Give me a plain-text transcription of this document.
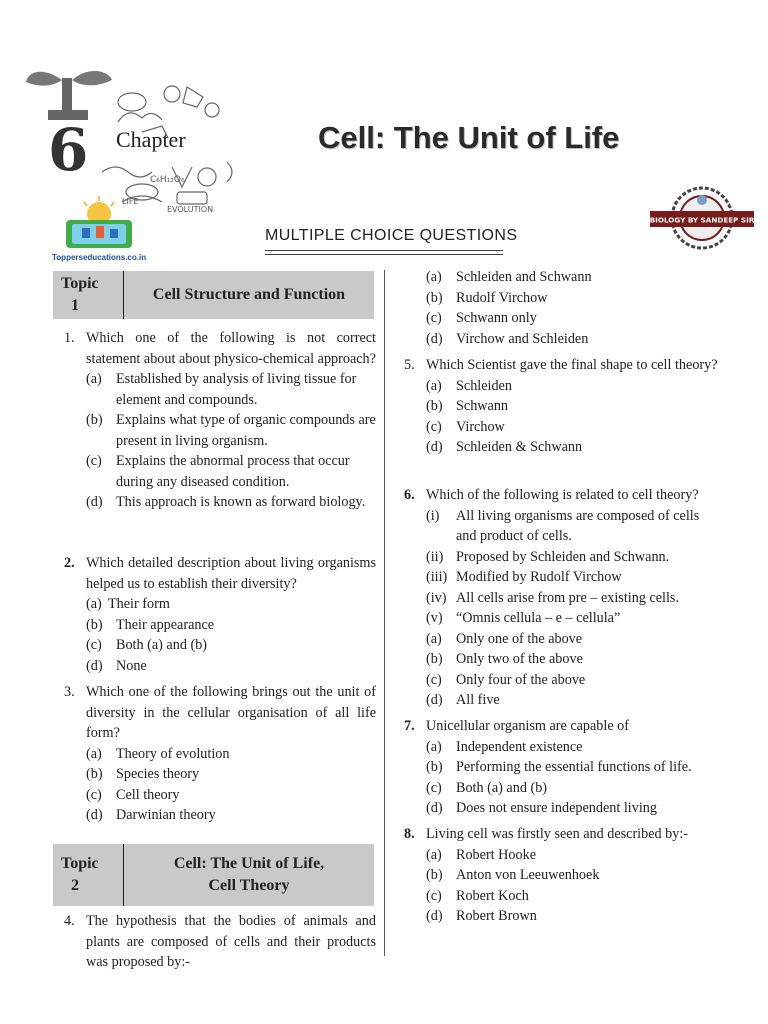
C₆H₁₂O₆
EVOLUTION
LIFE
6 Chapter
Topperseducations.co.in
Cell: The Unit of Life
BIOLOGY BY SANDEEP SIR
MULTIPLE CHOICE QUESTIONS
Topic
1
Cell Structure and Function
1. Which one of the following is not correct statement about about physico-chemical approach?
(a) Established by analysis of living tissue for element and compounds.
(b) Explains what type of organic compounds are present in living organism.
(c) Explains the abnormal process that occur during any diseased condition.
(d) This approach is known as forward biology.
2. Which detailed description about living organisms helped us to establish their diversity?
(a) Their form
(b) Their appearance
(c) Both (a) and (b)
(d) None
3. Which one of the following brings out the unit of diversity in the cellular organisation of all life form?
(a) Theory of evolution
(b) Species theory
(c) Cell theory
(d) Darwinian theory
Topic
2
Cell: The Unit of Life,
Cell Theory
4. The hypothesis that the bodies of animals and plants are composed of cells and their products was proposed by:-
(a) Schleiden and Schwann
(b) Rudolf Virchow
(c) Schwann only
(d) Virchow and Schleiden
5. Which Scientist gave the final shape to cell theory?
(a) Schleiden
(b) Schwann
(c) Virchow
(d) Schleiden & Schwann
6. Which of the following is related to cell theory?
(i) All living organisms are composed of cells and product of cells.
(ii) Proposed by Schleiden and Schwann.
(iii) Modified by Rudolf Virchow
(iv) All cells arise from pre – existing cells.
(v) “Omnis cellula – e – cellula”
(a) Only one of the above
(b) Only two of the above
(c) Only four of the above
(d) All five
7. Unicellular organism are capable of
(a) Independent existence
(b) Performing the essential functions of life.
(c) Both (a) and (b)
(d) Does not ensure independent living
8. Living cell was firstly seen and described by:-
(a) Robert Hooke
(b) Anton von Leeuwenhoek
(c) Robert Koch
(d) Robert Brown
